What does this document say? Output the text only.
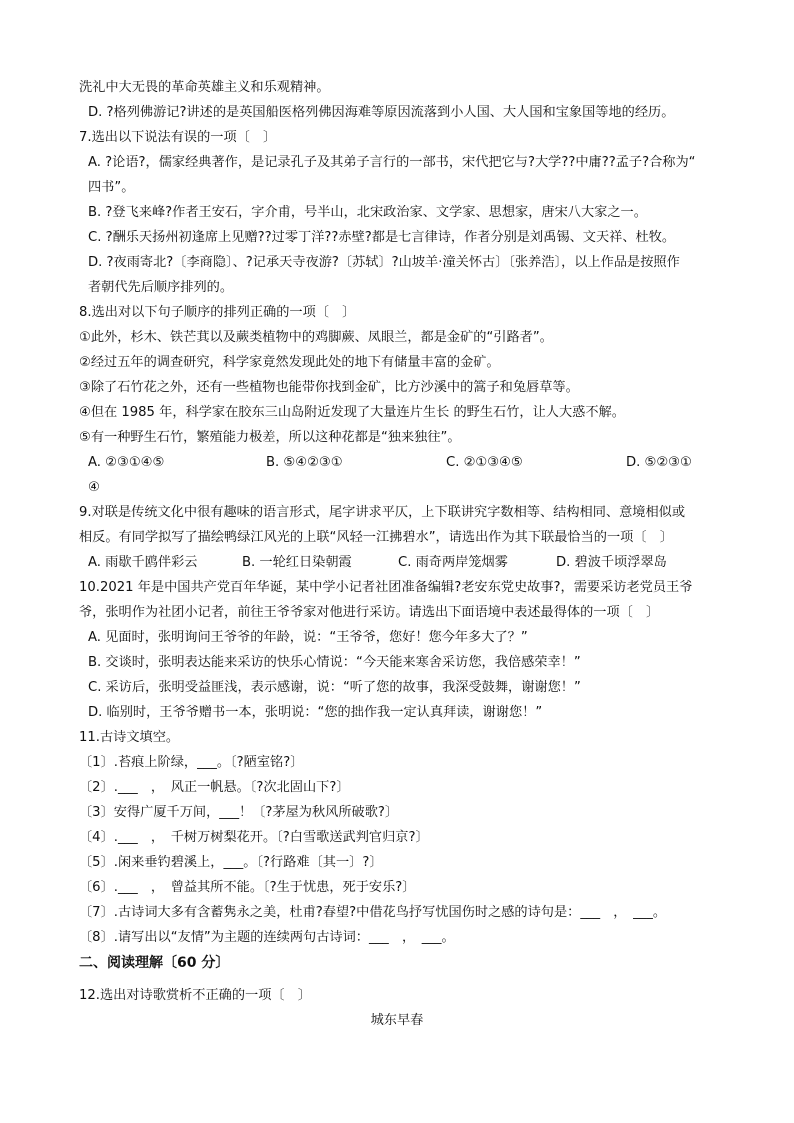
洗礼中大无畏的革命英雄主义和乐观精神。
D. ?格列佛游记?讲述的是英国船医格列佛因海难等原因流落到小人国、大人国和宝象国等地的经历。
7.选出以下说法有误的一项〔　〕
A. ?论语?，儒家经典著作，是记录孔子及其弟子言行的一部书，宋代把它与?大学??中庸??孟子?合称为“
四书”。
B. ?登飞来峰?作者王安石，字介甫，号半山，北宋政治家、文学家、思想家，唐宋八大家之一。
C. ?酬乐天扬州初逢席上见赠??过零丁洋??赤壁?都是七言律诗，作者分别是刘禹锡、文天祥、杜牧。
D. ?夜雨寄北?〔李商隐〕、?记承天寺夜游?〔苏轼〕?山坡羊·潼关怀古〕〔张养浩〕，以上作品是按照作
者朝代先后顺序排列的。
8.选出对以下句子顺序的排列正确的一项〔　〕
①此外，杉木、铁芒萁以及蕨类植物中的鸡脚蕨、凤眼兰，都是金矿的“引路者”。
②经过五年的调查研究，科学家竟然发现此处的地下有储量丰富的金矿。
③除了石竹花之外，还有一些植物也能带你找到金矿，比方沙溪中的篙子和兔唇草等。
④但在 1985 年，科学家在胶东三山岛附近发现了大量连片生长 的野生石竹，让人大惑不解。
⑤有一种野生石竹，繁殖能力极差，所以这种花都是“独来独往”。
A. ②③①④⑤	B. ⑤④②③①	C. ②①③④⑤	D. ⑤②③①
④
9.对联是传统文化中很有趣味的语言形式，尾字讲求平仄，上下联讲究字数相等、结构相同、意境相似或
相反。有同学拟写了描绘鸭绿江风光的上联“风轻一江拂碧水”，请选出作为其下联最恰当的一项〔　〕
A. 雨歇千鸥伴彩云	B. 一轮红日染朝霞	C. 雨奇两岸笼烟雾	D. 碧波千顷浮翠岛
10.2021 年是中国共产党百年华诞，某中学小记者社团准备编辑?老安东党史故事?，需要采访老党员王爷
爷，张明作为社团小记者，前往王爷爷家对他进行采访。请选出下面语境中表述最得体的一项〔　〕
A. 见面时，张明询问王爷爷的年龄，说：“王爷爷，您好！您今年多大了？”
B. 交谈时，张明表达能来采访的快乐心情说：“今天能来寒舍采访您，我倍感荣幸！”
C. 采访后，张明受益匪浅，表示感谢，说：“听了您的故事，我深受鼓舞，谢谢您！”
D. 临别时，王爷爷赠书一本，张明说：“您的拙作我一定认真拜读，谢谢您！”
11.古诗文填空。
〔1〕.苔痕上阶绿，___。〔?陋室铭?〕
〔2〕.___　，　风正一帆悬。〔?次北固山下?〕
〔3〕安得广厦千万间，___！〔?茅屋为秋风所破歌?〕
〔4〕.___　，　千树万树梨花开。〔?白雪歌送武判官归京?〕
〔5〕.闲来垂钓碧溪上，___。〔?行路难〔其一〕?〕
〔6〕.___　，　曾益其所不能。〔?生于忧患，死于安乐?〕
〔7〕.古诗词大多有含蓄隽永之美，杜甫?春望?中借花鸟抒写忧国伤时之感的诗句是：___　，　___。
〔8〕.请写出以“友情”为主题的连续两句古诗词：___　，　___。
二、阅读理解〔60 分〕
12.选出对诗歌赏析不正确的一项〔　〕
城东早春
